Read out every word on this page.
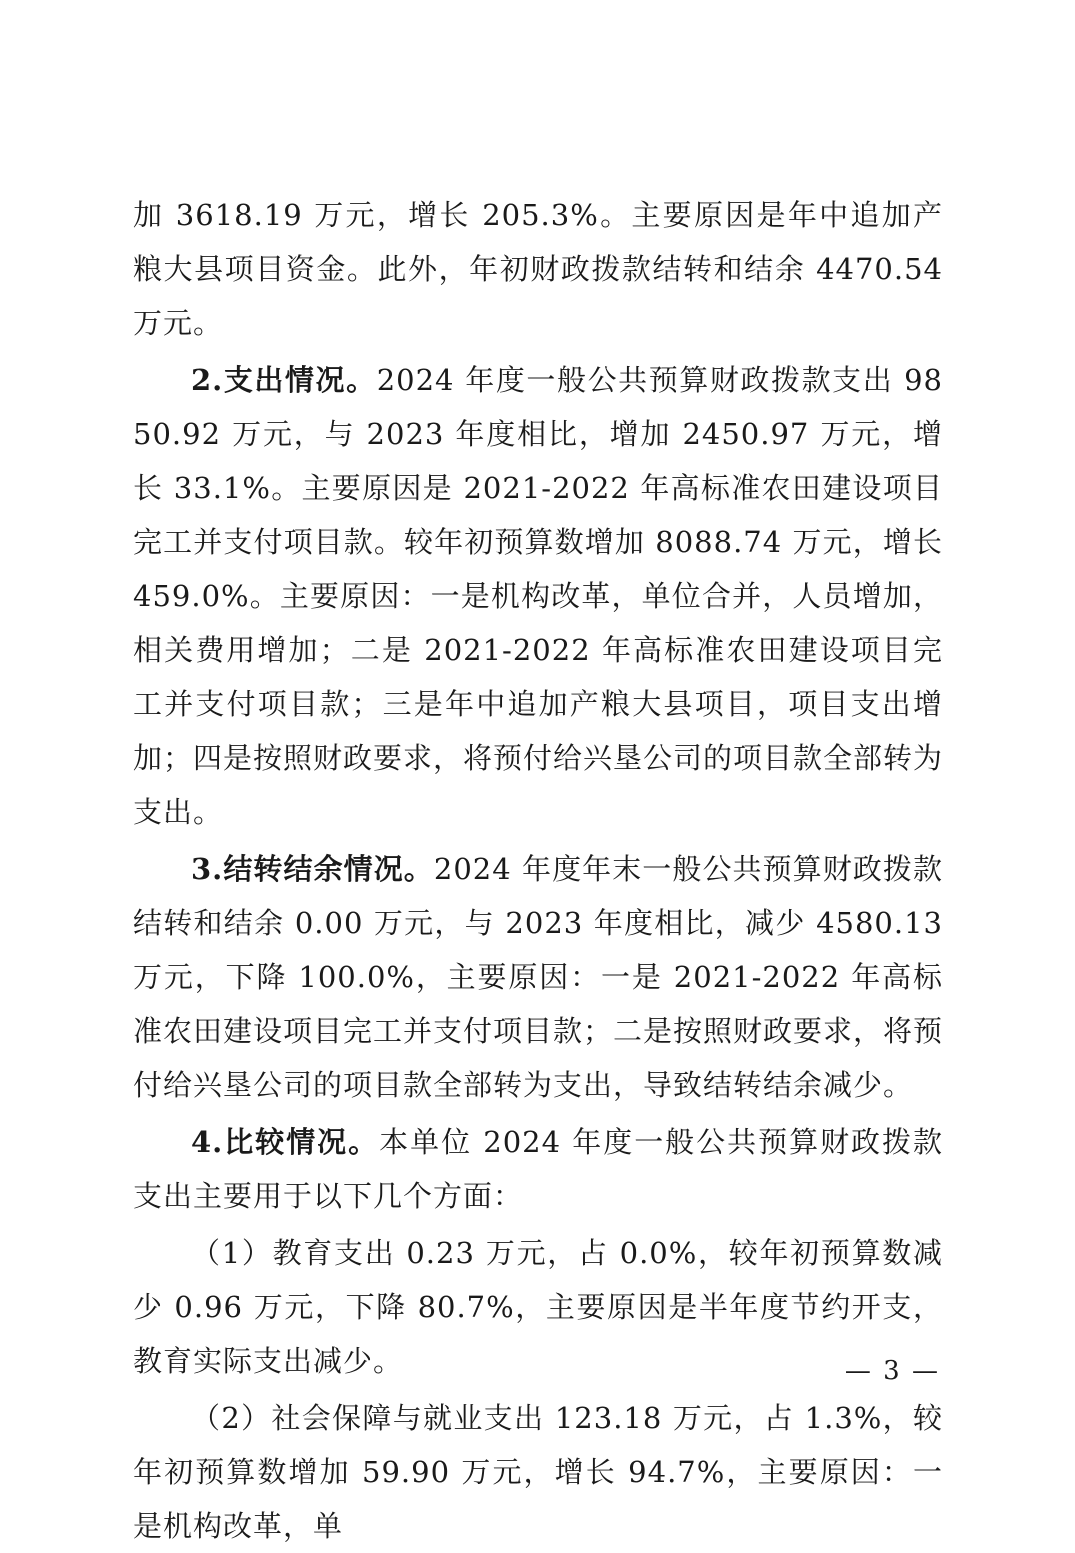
加 3618.19 万元，增长 205.3%。主要原因是年中追加产粮大县项目资金。此外，年初财政拨款结转和结余 4470.54 万元。

2.支出情况。2024 年度一般公共预算财政拨款支出 9850.92 万元，与 2023 年度相比，增加 2450.97 万元，增长 33.1%。主要原因是 2021-2022 年高标准农田建设项目完工并支付项目款。较年初预算数增加 8088.74 万元，增长 459.0%。主要原因：一是机构改革，单位合并，人员增加，相关费用增加；二是 2021-2022 年高标准农田建设项目完工并支付项目款；三是年中追加产粮大县项目，项目支出增加；四是按照财政要求，将预付给兴垦公司的项目款全部转为支出。

3.结转结余情况。2024 年度年末一般公共预算财政拨款结转和结余 0.00 万元，与 2023 年度相比，减少 4580.13 万元，下降 100.0%，主要原因：一是 2021-2022 年高标准农田建设项目完工并支付项目款；二是按照财政要求，将预付给兴垦公司的项目款全部转为支出，导致结转结余减少。

4.比较情况。本单位 2024 年度一般公共预算财政拨款支出主要用于以下几个方面：

（1）教育支出 0.23 万元，占 0.0%，较年初预算数减少 0.96 万元，下降 80.7%，主要原因是半年度节约开支，教育实际支出减少。

（2）社会保障与就业支出 123.18 万元，占 1.3%，较年初预算数增加 59.90 万元，增长 94.7%，主要原因：一是机构改革，单

— 3 —
